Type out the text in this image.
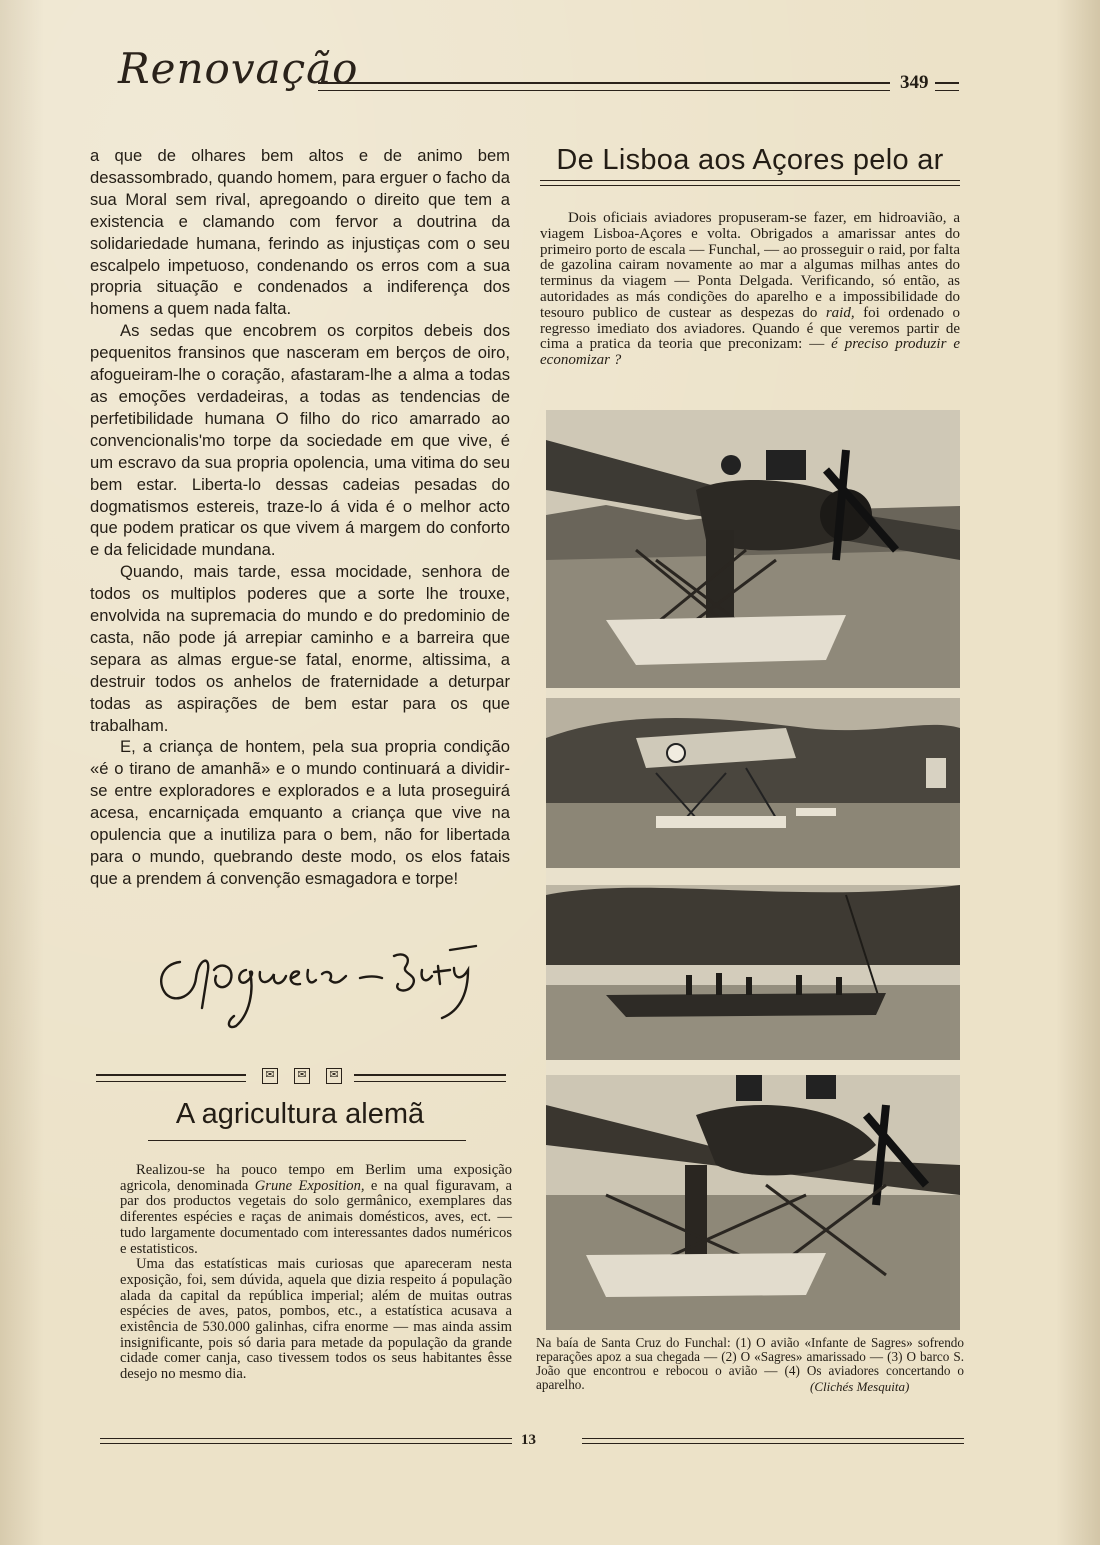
Renovação	349

a que de olhares bem altos e de animo bem desassombrado, quando homem, para erguer o facho da sua Moral sem rival, apregoando o direito que tem a existencia e clamando com fervor a doutrina da solidariedade humana, ferindo as injustiças com o seu escalpelo impetuoso, condenando os erros com a sua propria situação e condenados a indiferença dos homens a quem nada falta.

As sedas que encobrem os corpitos debeis dos pequenitos fransinos que nasceram em berços de oiro, afogueiram-lhe o coração, afastaram-lhe a alma a todas as emoções verdadeiras, a todas as tendencias de perfetibilidade humana O filho do rico amarrado ao convencionalis'mo torpe da sociedade em que vive, é um escravo da sua propria opolencia, uma vitima do seu bem estar. Liberta-lo dessas cadeias pesadas do dogmatismos estereis, traze-lo á vida é o melhor acto que podem praticar os que vivem á margem do conforto e da felicidade mundana.

Quando, mais tarde, essa mocidade, senhora de todos os multiplos poderes que a sorte lhe trouxe, envolvida na supremacia do mundo e do predominio de casta, não pode já arrepiar caminho e a barreira que separa as almas ergue-se fatal, enorme, altissima, a destruir todos os anhelos de fraternidade a deturpar todas as aspirações de bem estar para os que trabalham.

E, a criança de hontem, pela sua propria condição «é o tirano de amanhã» e o mundo continuará a dividir-se entre exploradores e explorados e a luta proseguirá acesa, encarniçada emquanto a criança que vive na opulencia que a inutiliza para o bem, não for libertada para o mundo, quebrando deste modo, os elos fatais que a prendem á convenção esmagadora e torpe!

✉	✉	✉
A agricultura alemã

Realizou-se ha pouco tempo em Berlim uma exposição agricola, denominada Grune Exposition, e na qual figuravam, a par dos productos vegetais do solo germânico, exemplares das diferentes espécies e raças de animais domésticos, aves, ect. — tudo largamente documentado com interessantes dados numéricos e estatisticos.

Uma das estatísticas mais curiosas que apareceram nesta exposição, foi, sem dúvida, aquela que dizia respeito á população alada da capital da república imperial; além de muitas outras espécies de aves, patos, pombos, etc., a estatística acusava a existência de 530.000 galinhas, cifra enorme — mas ainda assim insignificante, pois só daria para metade da população da grande cidade comer canja, caso tivessem todos os seus habitantes êsse desejo no mesmo dia.

De Lisboa aos Açores pelo ar

Dois oficiais aviadores propuseram-se fazer, em hidroavião, a viagem Lisboa-Açores e volta. Obrigados a amarissar antes do primeiro porto de escala — Funchal, — ao prosseguir o raid, por falta de gazolina cairam novamente ao mar a algumas milhas antes do terminus da viagem — Ponta Delgada. Verificando, só então, as autoridades as más condições do aparelho e a impossibilidade do tesouro publico de custear as despezas do raid, foi ordenado o regresso imediato dos aviadores. Quando é que veremos partir de cima a pratica da teoria que preconizam: — é preciso produzir e economizar ?

Na baía de Santa Cruz do Funchal: (1) O avião «Infante de Sagres» sofrendo reparações apoz a sua chegada — (2) O «Sagres» amarissado — (3) O barco S. João que encontrou e rebocou o avião — (4) Os aviadores concertando o aparelho.	(Clichés Mesquita)
13
